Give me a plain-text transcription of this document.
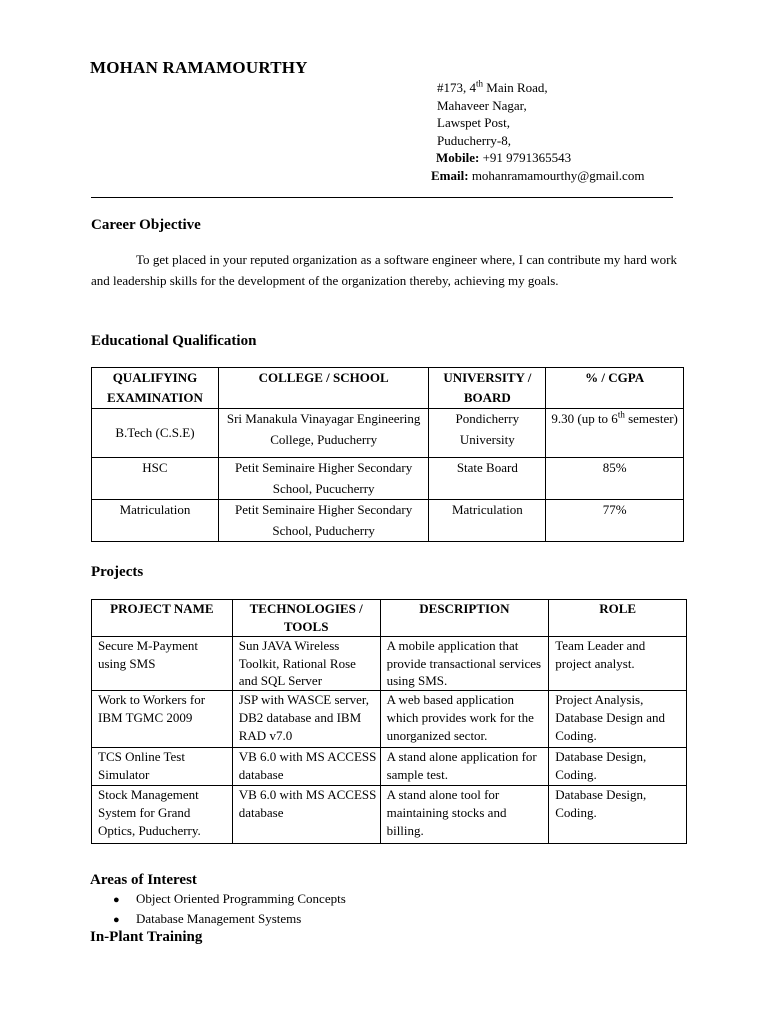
MOHAN RAMAMOURTHY
#173, 4th Main Road,
Mahaveer Nagar,
Lawspet Post,
Puducherry-8,
Mobile: +91 9791365543
Email: mohanramamourthy@gmail.com
Career Objective
To get placed in your reputed organization as a software engineer where, I can contribute my hard work and leadership skills for the development of the organization thereby, achieving my goals.
Educational Qualification
QUALIFYING EXAMINATION	COLLEGE / SCHOOL	UNIVERSITY / BOARD	% / CGPA
B.Tech (C.S.E)	Sri Manakula Vinayagar Engineering College, Puducherry	Pondicherry University	9.30 (up to 6th semester)
HSC	Petit Seminaire Higher Secondary School, Pucucherry	State Board	85%
Matriculation	Petit Seminaire Higher Secondary School, Puducherry	Matriculation	77%
Projects
PROJECT NAME	TECHNOLOGIES / TOOLS	DESCRIPTION	ROLE
Secure M-Payment using SMS	Sun JAVA Wireless Toolkit, Rational Rose and SQL Server	A mobile application that provide transactional services using SMS.	Team Leader and project analyst.
Work to Workers for IBM TGMC 2009	JSP with WASCE server, DB2 database and IBM RAD v7.0	A web based application which provides work for the unorganized sector.	Project Analysis, Database Design and Coding.
TCS Online Test Simulator	VB 6.0 with MS ACCESS database	A stand alone application for sample test.	Database Design, Coding.
Stock Management System for Grand Optics, Puducherry.	VB 6.0 with MS ACCESS database	A stand alone tool for maintaining stocks and billing.	Database Design, Coding.
Areas of Interest
● Object Oriented Programming Concepts
● Database Management Systems
In-Plant Training
